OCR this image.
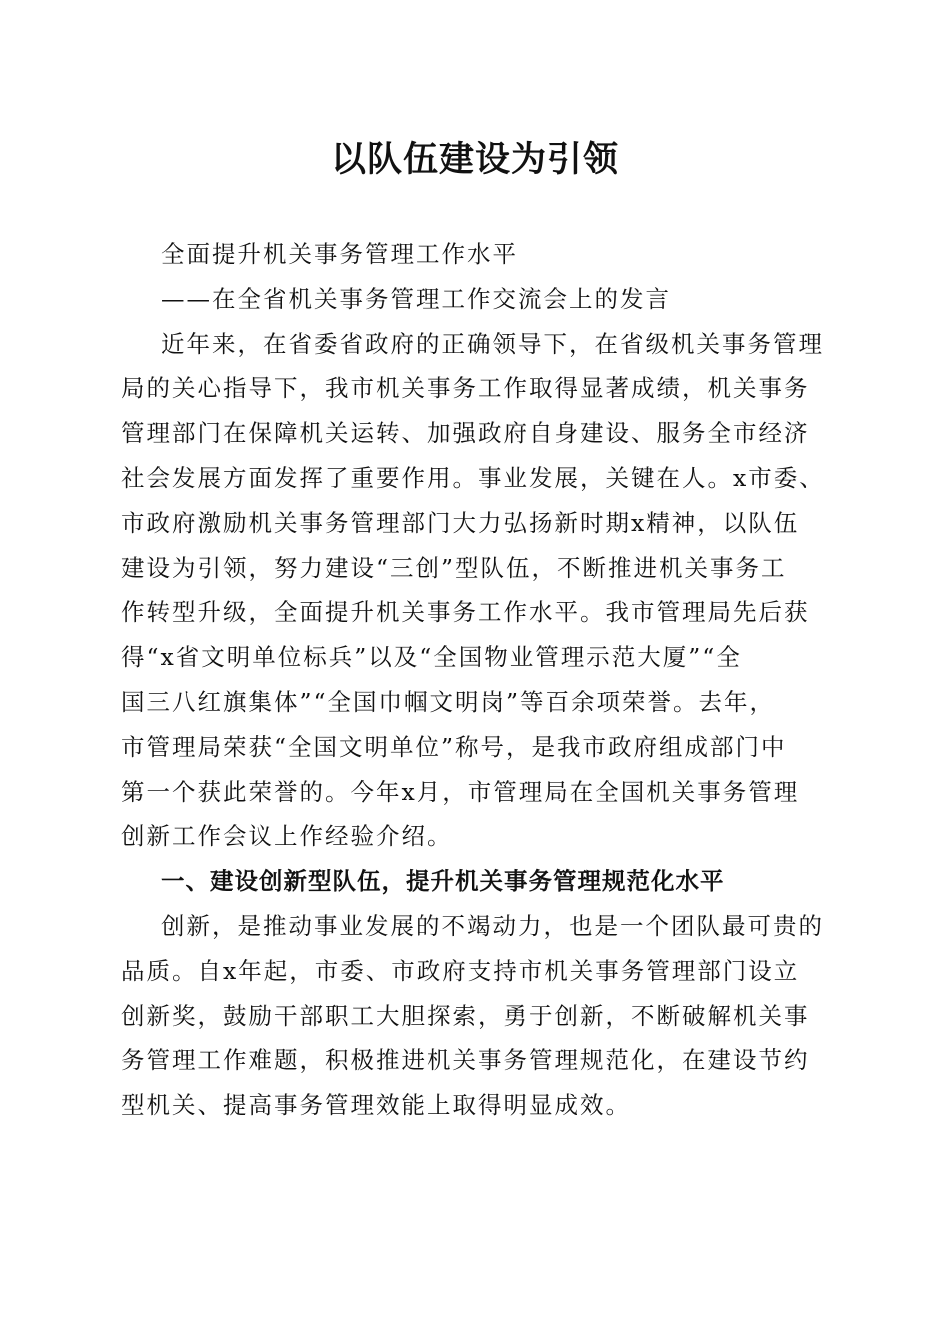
以队伍建设为引领
全面提升机关事务管理工作水平
——在全省机关事务管理工作交流会上的发言
近年来，在省委省政府的正确领导下，在省级机关事务管理
局的关心指导下，我市机关事务工作取得显著成绩，机关事务
管理部门在保障机关运转、加强政府自身建设、服务全市经济
社会发展方面发挥了重要作用。事业发展，关键在人。x市委、
市政府激励机关事务管理部门大力弘扬新时期x精神，以队伍
建设为引领，努力建设“三创”型队伍，不断推进机关事务工
作转型升级，全面提升机关事务工作水平。我市管理局先后获
得“x省文明单位标兵”以及“全国物业管理示范大厦”“全
国三八红旗集体”“全国巾帼文明岗”等百余项荣誉。去年，
市管理局荣获“全国文明单位”称号，是我市政府组成部门中
第一个获此荣誉的。今年x月，市管理局在全国机关事务管理
创新工作会议上作经验介绍。
一、建设创新型队伍，提升机关事务管理规范化水平
创新，是推动事业发展的不竭动力，也是一个团队最可贵的
品质。自x年起，市委、市政府支持市机关事务管理部门设立
创新奖，鼓励干部职工大胆探索，勇于创新，不断破解机关事
务管理工作难题，积极推进机关事务管理规范化，在建设节约
型机关、提高事务管理效能上取得明显成效。
